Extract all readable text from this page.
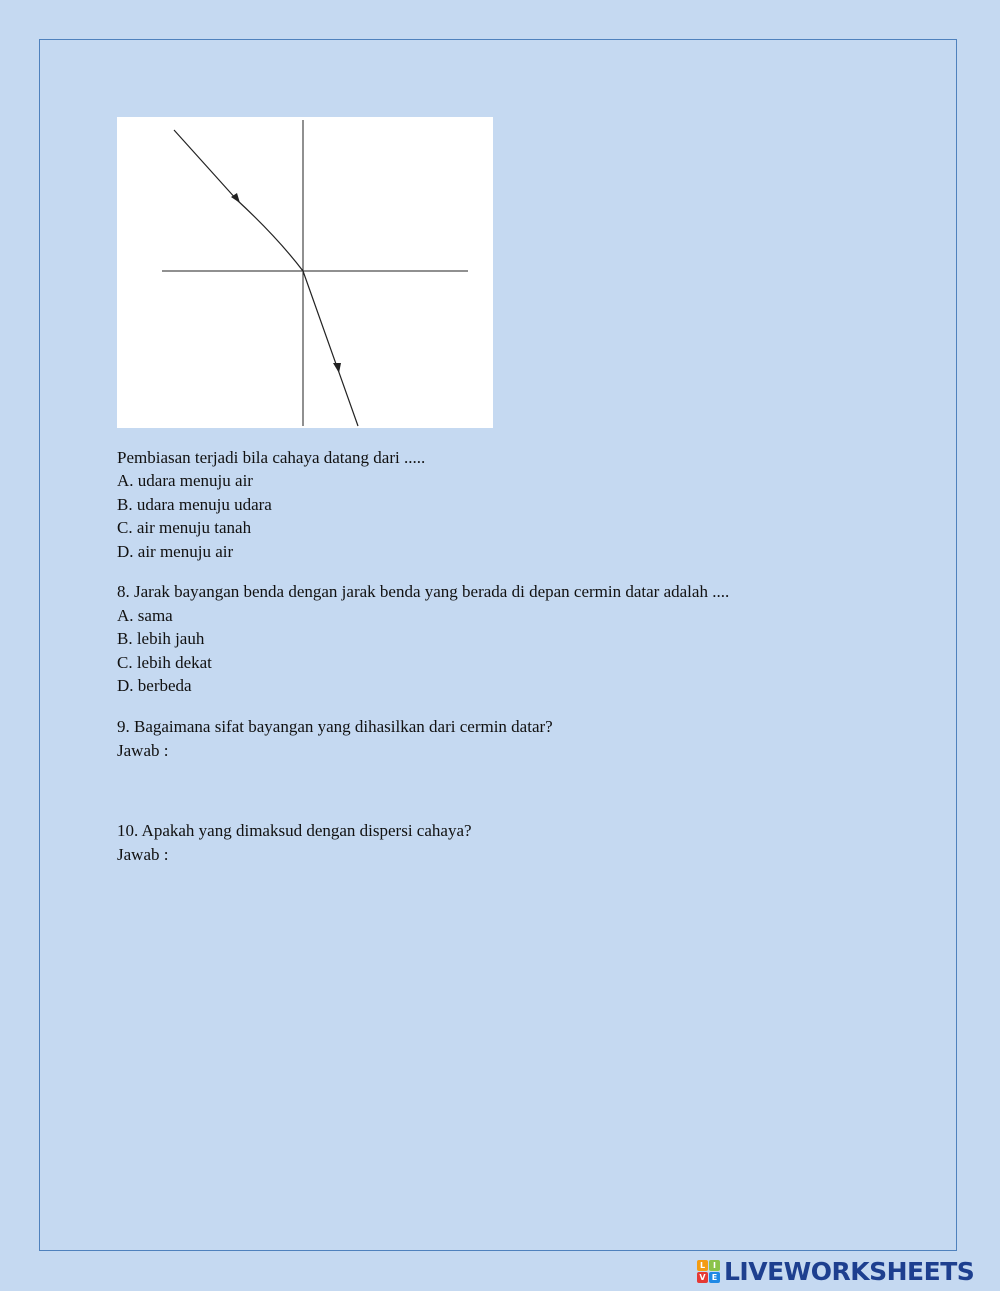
Pembiasan terjadi bila cahaya datang dari .....
A. udara menuju air
B. udara menuju udara
C. air menuju tanah
D. air menuju air
8. Jarak bayangan benda dengan jarak benda yang berada di depan cermin datar adalah ....
A. sama
B. lebih jauh
C. lebih dekat
D. berbeda
9. Bagaimana sifat bayangan yang dihasilkan dari cermin datar?
Jawab :
10. Apakah yang dimaksud dengan dispersi cahaya?
Jawab :
L I
V E LIVEWORKSHEETS
